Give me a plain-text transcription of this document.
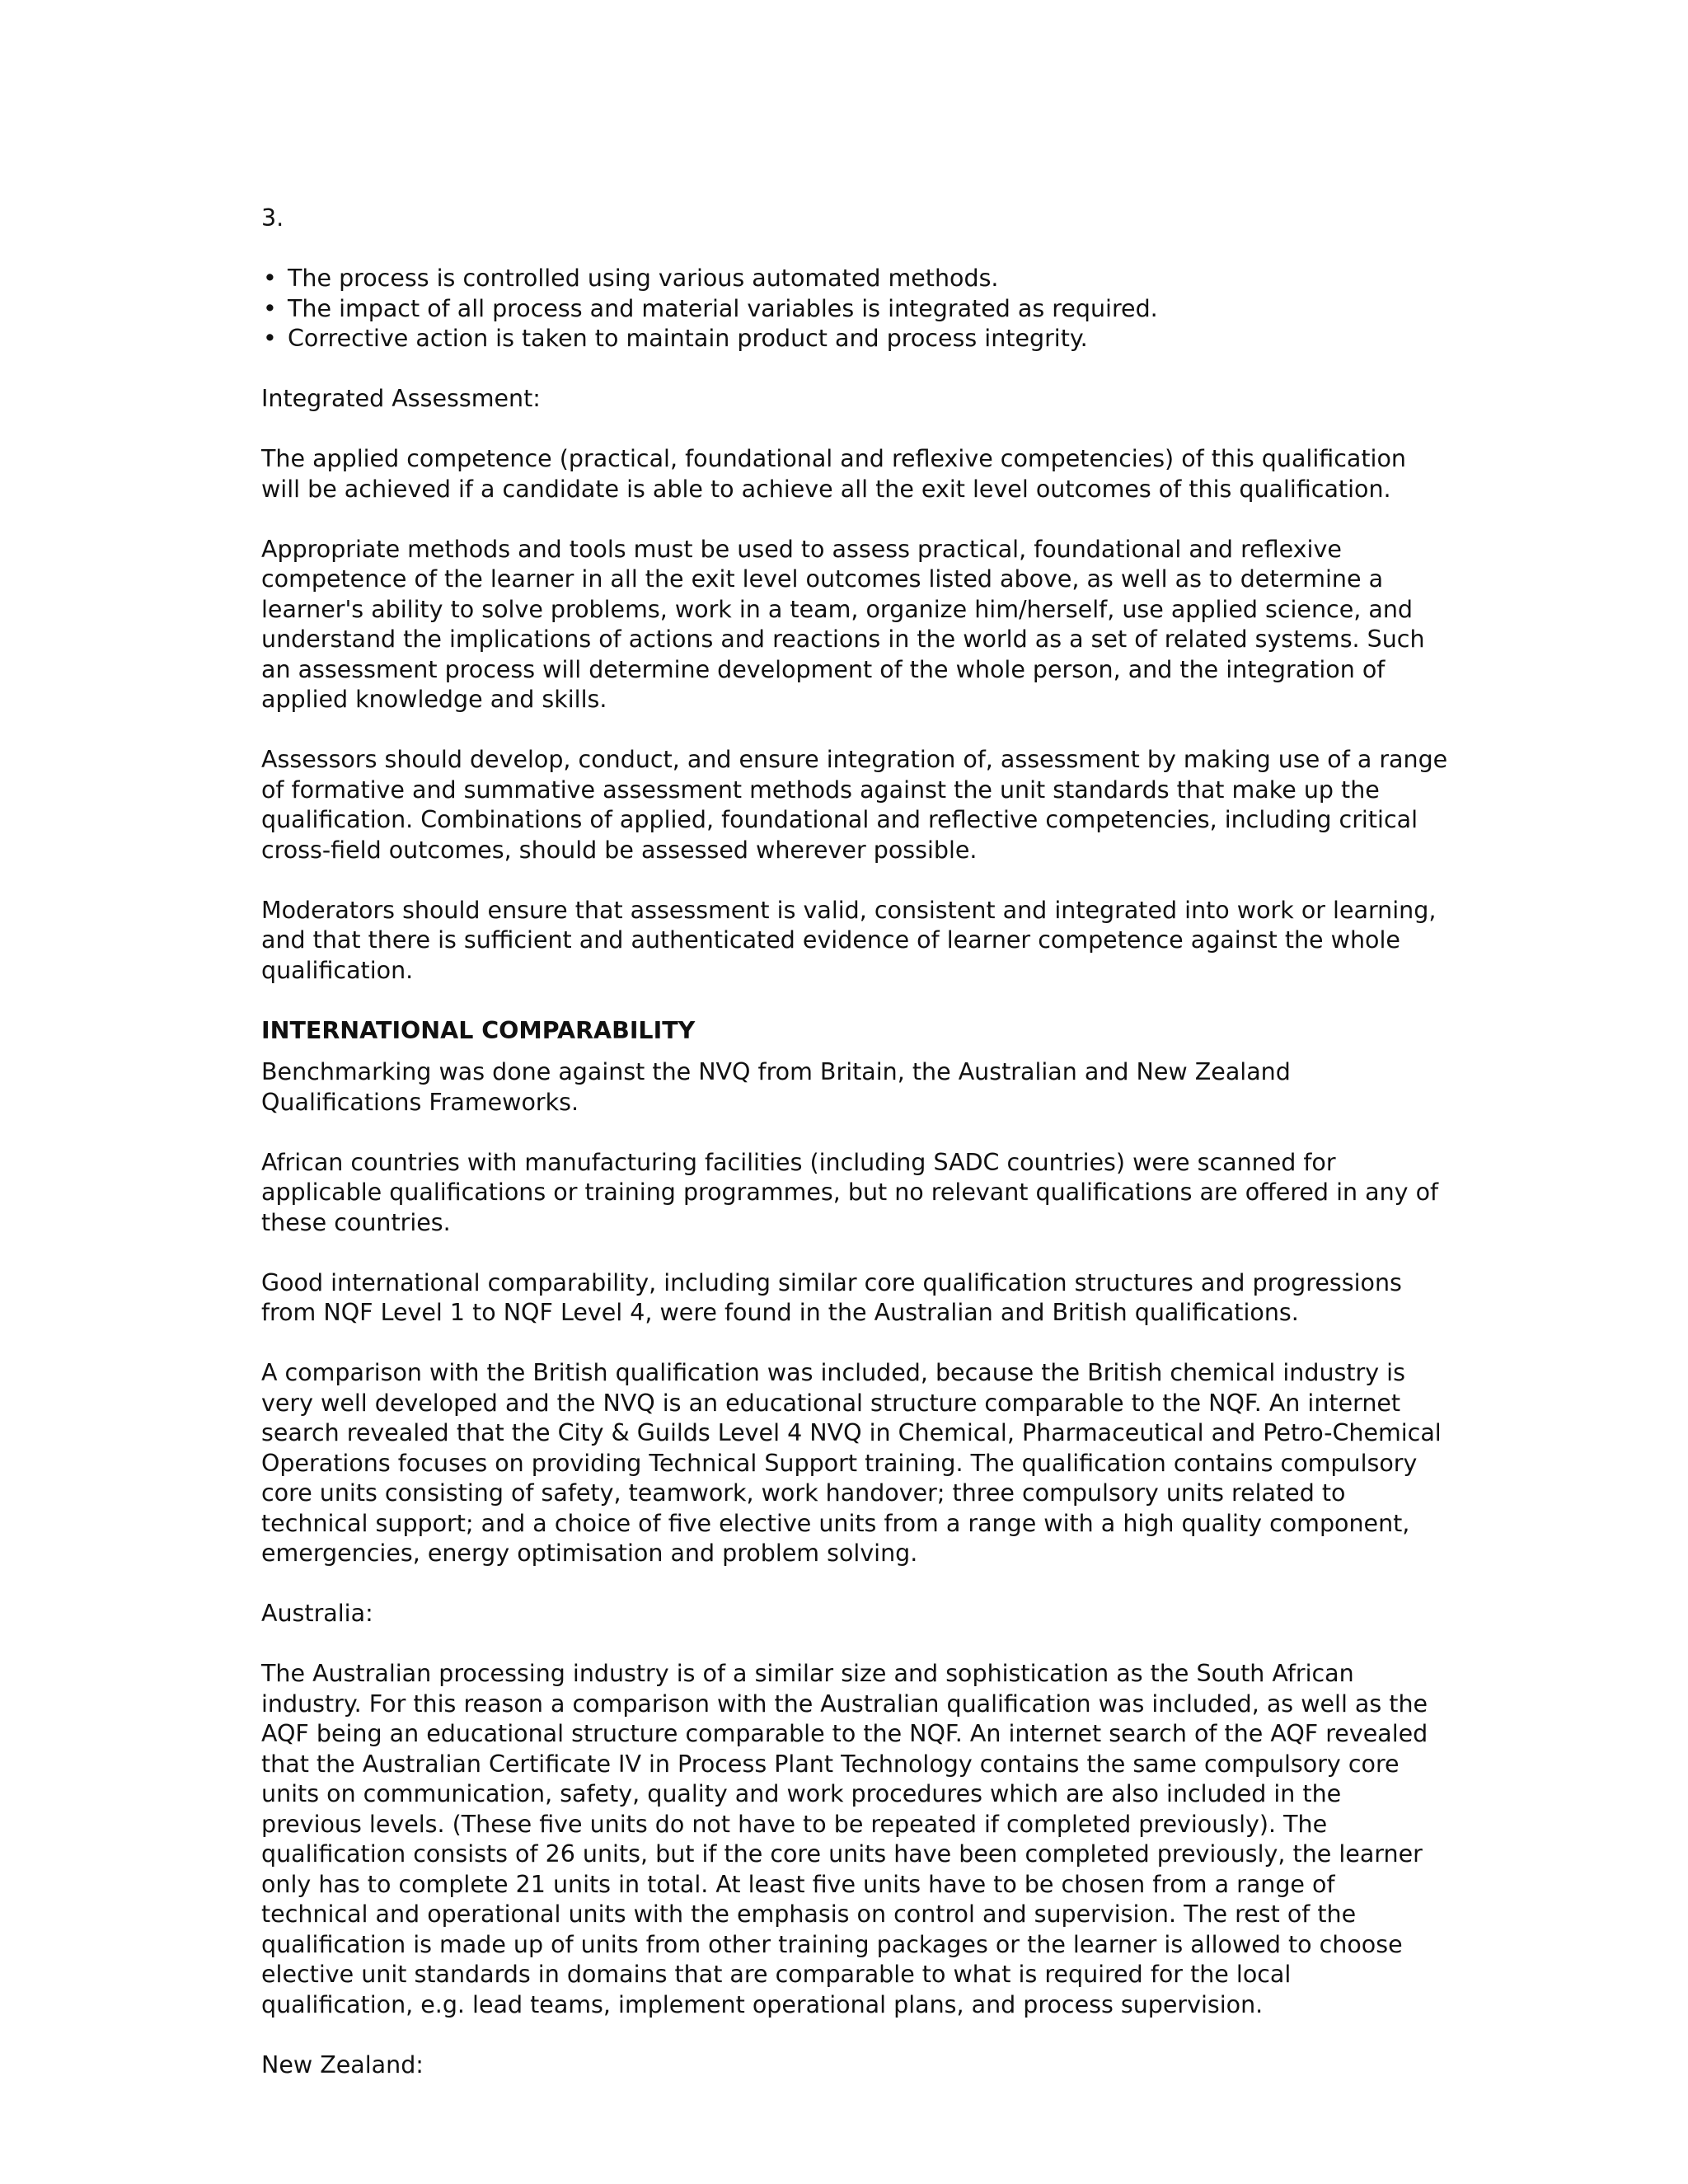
3.

• The process is controlled using various automated methods.
• The impact of all process and material variables is integrated as required.
• Corrective action is taken to maintain product and process integrity.

Integrated Assessment:

The applied competence (practical, foundational and reflexive competencies) of this qualification will be achieved if a candidate is able to achieve all the exit level outcomes of this qualification.

Appropriate methods and tools must be used to assess practical, foundational and reflexive competence of the learner in all the exit level outcomes listed above, as well as to determine a learner's ability to solve problems, work in a team, organize him/herself, use applied science, and understand the implications of actions and reactions in the world as a set of related systems. Such an assessment process will determine development of the whole person, and the integration of applied knowledge and skills.

Assessors should develop, conduct, and ensure integration of, assessment by making use of a range of formative and summative assessment methods against the unit standards that make up the qualification. Combinations of applied, foundational and reflective competencies, including critical cross-field outcomes, should be assessed wherever possible.

Moderators should ensure that assessment is valid, consistent and integrated into work or learning, and that there is sufficient and authenticated evidence of learner competence against the whole qualification.

INTERNATIONAL COMPARABILITY

Benchmarking was done against the NVQ from Britain, the Australian and New Zealand Qualifications Frameworks.

African countries with manufacturing facilities (including SADC countries) were scanned for applicable qualifications or training programmes, but no relevant qualifications are offered in any of these countries.

Good international comparability, including similar core qualification structures and progressions from NQF Level 1 to NQF Level 4, were found in the Australian and British qualifications.

A comparison with the British qualification was included, because the British chemical industry is very well developed and the NVQ is an educational structure comparable to the NQF. An internet search revealed that the City & Guilds Level 4 NVQ in Chemical, Pharmaceutical and Petro-Chemical Operations focuses on providing Technical Support training. The qualification contains compulsory core units consisting of safety, teamwork, work handover; three compulsory units related to technical support; and a choice of five elective units from a range with a high quality component, emergencies, energy optimisation and problem solving.

Australia:

The Australian processing industry is of a similar size and sophistication as the South African industry. For this reason a comparison with the Australian qualification was included, as well as the AQF being an educational structure comparable to the NQF. An internet search of the AQF revealed that the Australian Certificate IV in Process Plant Technology contains the same compulsory core units on communication, safety, quality and work procedures which are also included in the previous levels. (These five units do not have to be repeated if completed previously). The qualification consists of 26 units, but if the core units have been completed previously, the learner only has to complete 21 units in total. At least five units have to be chosen from a range of technical and operational units with the emphasis on control and supervision. The rest of the qualification is made up of units from other training packages or the learner is allowed to choose elective unit standards in domains that are comparable to what is required for the local qualification, e.g. lead teams, implement operational plans, and process supervision.

New Zealand:
